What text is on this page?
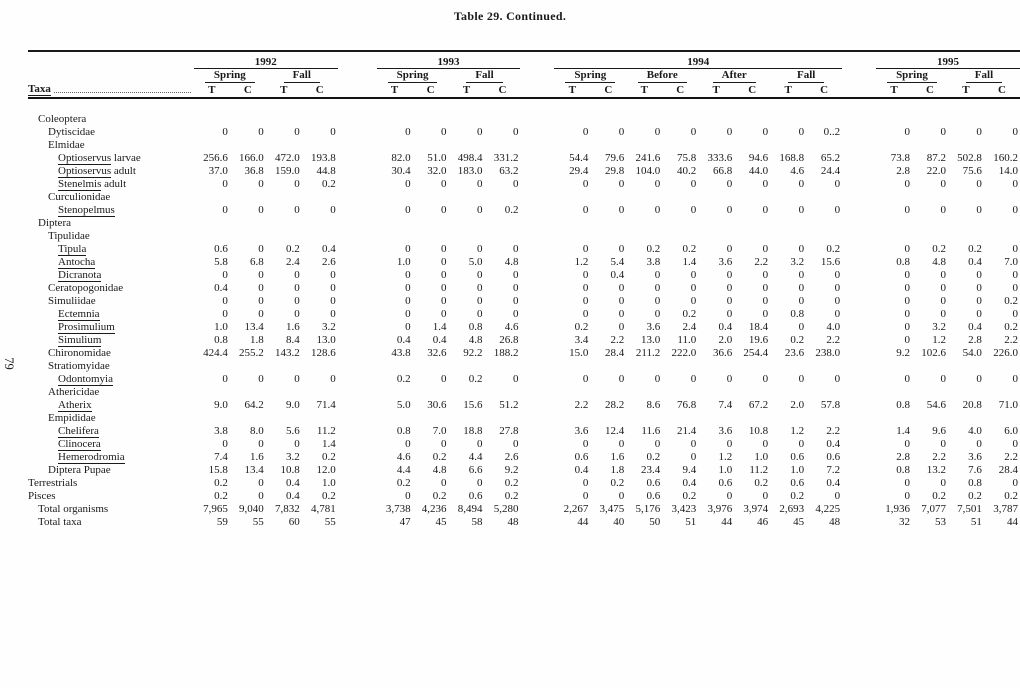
Table 29. Continued.
79
	1992					1993					1994									1995			
	Spring		Fall			Spring		Fall			Spring		Before		After		Fall			Spring		Fall	

Taxa	T	C	T	C		T	C	T	C		T	C	T	C	T	C	T	C		T	C	T	C
Coleoptera																							
Dytiscidae	0	0	0	0		0	0	0	0		0	0	0	0	0	0	0	0..2		0	0	0	0
Elmidae																							
Optioservus larvae	256.6	166.0	472.0	193.8		82.0	51.0	498.4	331.2		54.4	79.6	241.6	75.8	333.6	94.6	168.8	65.2		73.8	87.2	502.8	160.2
Optioservus adult	37.0	36.8	159.0	44.8		30.4	32.0	183.0	63.2		29.4	29.8	104.0	40.2	66.8	44.0	4.6	24.4		2.8	22.0	75.6	14.0
Stenelmis adult	0	0	0	0.2		0	0	0	0		0	0	0	0	0	0	0	0		0	0	0	0
Curculionidae																							
Stenopelmus	0	0	0	0		0	0	0	0.2		0	0	0	0	0	0	0	0		0	0	0	0
Diptera																							
Tipulidae																							
Tipula	0.6	0	0.2	0.4		0	0	0	0		0	0	0.2	0.2	0	0	0	0.2		0	0.2	0.2	0
Antocha	5.8	6.8	2.4	2.6		1.0	0	5.0	4.8		1.2	5.4	3.8	1.4	3.6	2.2	3.2	15.6		0.8	4.8	0.4	7.0
Dicranota	0	0	0	0		0	0	0	0		0	0.4	0	0	0	0	0	0		0	0	0	0
Ceratopogonidae	0.4	0	0	0		0	0	0	0		0	0	0	0	0	0	0	0		0	0	0	0
Simuliidae	0	0	0	0		0	0	0	0		0	0	0	0	0	0	0	0		0	0	0	0.2
Ectemnia	0	0	0	0		0	0	0	0		0	0	0	0.2	0	0	0.8	0		0	0	0	0
Prosimulium	1.0	13.4	1.6	3.2		0	1.4	0.8	4.6		0.2	0	3.6	2.4	0.4	18.4	0	4.0		0	3.2	0.4	0.2
Simulium	0.8	1.8	8.4	13.0		0.4	0.4	4.8	26.8		3.4	2.2	13.0	11.0	2.0	19.6	0.2	2.2		0	1.2	2.8	2.2
Chironomidae	424.4	255.2	143.2	128.6		43.8	32.6	92.2	188.2		15.0	28.4	211.2	222.0	36.6	254.4	23.6	238.0		9.2	102.6	54.0	226.0
Stratiomyidae																							
Odontomyia	0	0	0	0		0.2	0	0.2	0		0	0	0	0	0	0	0	0		0	0	0	0
Athericidae																							
Atherix	9.0	64.2	9.0	71.4		5.0	30.6	15.6	51.2		2.2	28.2	8.6	76.8	7.4	67.2	2.0	57.8		0.8	54.6	20.8	71.0
Empididae																							
Chelifera	3.8	8.0	5.6	11.2		0.8	7.0	18.8	27.8		3.6	12.4	11.6	21.4	3.6	10.8	1.2	2.2		1.4	9.6	4.0	6.0
Clinocera	0	0	0	1.4		0	0	0	0		0	0	0	0	0	0	0	0.4		0	0	0	0
Hemerodromia	7.4	1.6	3.2	0.2		4.6	0.2	4.4	2.6		0.6	1.6	0.2	0	1.2	1.0	0.6	0.6		2.8	2.2	3.6	2.2
Diptera Pupae	15.8	13.4	10.8	12.0		4.4	4.8	6.6	9.2		0.4	1.8	23.4	9.4	1.0	11.2	1.0	7.2		0.8	13.2	7.6	28.4
Terrestrials	0.2	0	0.4	1.0		0.2	0	0	0.2		0	0.2	0.6	0.4	0.6	0.2	0.6	0.4		0	0	0.8	0
Pisces	0.2	0	0.4	0.2		0	0.2	0.6	0.2		0	0	0.6	0.2	0	0	0.2	0		0	0.2	0.2	0.2
Total organisms	7,965	9,040	7,832	4,781		3,738	4,236	8,494	5,280		2,267	3,475	5,176	3,423	3,976	3,974	2,693	4,225		1,936	7,077	7,501	3,787
Total taxa	59	55	60	55		47	45	58	48		44	40	50	51	44	46	45	48		32	53	51	44
